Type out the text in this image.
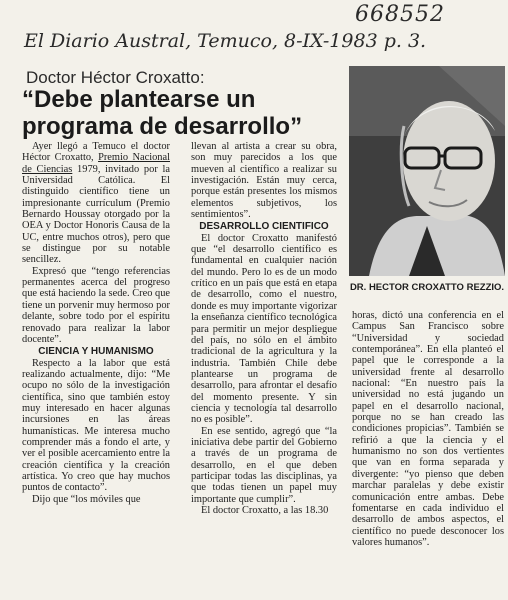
668552
El Diario Austral, Temuco, 8-IX-1983 p. 3.
Doctor Héctor Croxatto:
“Debe plantearse un programa de desarrollo”
DR. HECTOR CROXATTO REZZIO.

Ayer llegó a Temuco el doctor Héctor Croxatto, Premio Nacional de Ciencias 1979, invitado por la Universidad Católica. El distinguido científico tiene un impresionante currículum (Premio Bernardo Houssay otorgado por la OEA y Doctor Honoris Causa de la UC, entre muchos otros), pero que se distingue por su notable sencillez.

Expresó que “tengo referencias permanentes acerca del progreso que está haciendo la sede. Creo que tiene un porvenir muy hermoso por delante, sobre todo por el espíritu renovado para realizar la labor docente”.

CIENCIA Y HUMANISMO

Respecto a la labor que está realizando actualmente, dijo: “Me ocupo no sólo de la investigación científica, sino que también estoy muy interesado en hacer algunas incursiones en las áreas humanísticas. Me interesa mucho comprender más a fondo el arte, y ver el posible acercamiento entre la creación científica y la creación artística. Yo creo que hay muchos puntos de contacto”.

Dijo que “los móviles que

llevan al artista a crear su obra, son muy parecidos a los que mueven al científico a realizar su investigación. Están muy cerca, porque están presentes los mismos elementos subjetivos, los sentimientos”.

DESARROLLO CIENTIFICO

El doctor Croxatto manifestó que “el desarrollo científico es fundamental en cualquier nación del mundo. Pero lo es de un modo crítico en un país que está en etapa de desarrollo, como el nuestro, donde es muy importante vigorizar la enseñanza científico tecnológica para permitir un mejor despliegue del país, no sólo en el ámbito tradicional de la agricultura y la industria. También Chile debe plantearse un programa de desarrollo, para afrontar el desafío del momento presente. Y sin ciencia y tecnología tal desarrollo no es posible”.

En ese sentido, agregó que “la iniciativa debe partir del Gobierno a través de un programa de desarrollo, en el que deben participar todas las disciplinas, ya que todas tienen un papel muy importante que cumplir”.

El doctor Croxatto, a las 18.30

horas, dictó una conferencia en el Campus San Francisco sobre “Universidad y sociedad contemporánea”. En ella planteó el papel que le corresponde a la universidad frente al desarrollo nacional: “En nuestro país la universidad no está jugando un papel en el desarrollo nacional, porque no se han creado las condiciones propicias”. También se refirió a que la ciencia y el humanismo no son dos vertientes que van en forma separada y divergente: “yo pienso que deben marchar paralelas y debe existir comunicación entre ambas. Debe fomentarse en cada individuo el desarrollo de ambos aspectos, el científico no puede desconocer los valores humanos”.
